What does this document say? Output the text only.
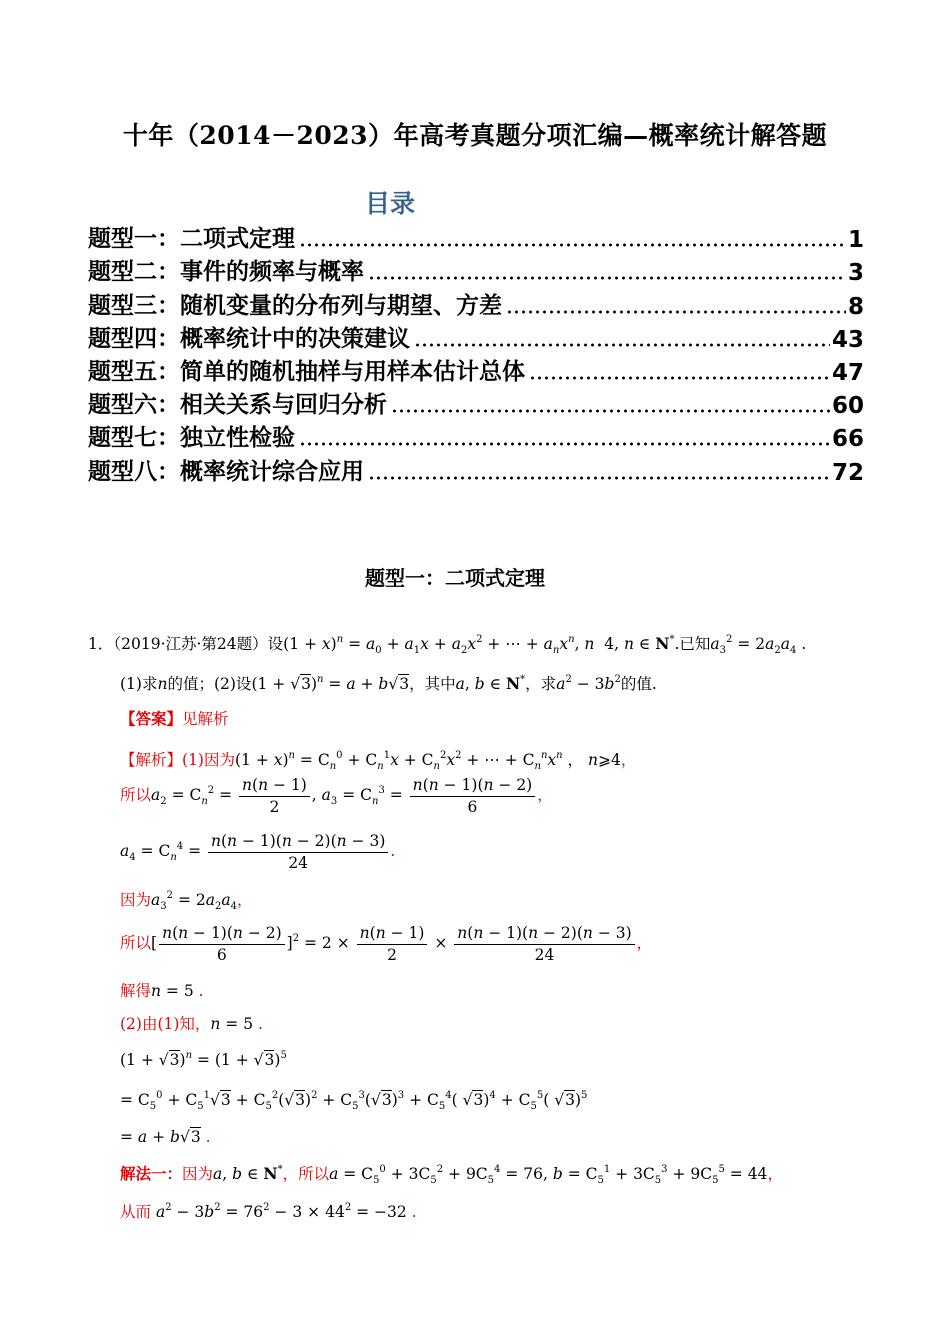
十年（2014－2023）年高考真题分项汇编—概率统计解答题
目录
题型一：二项式定理	1
题型二：事件的频率与概率	3
题型三：随机变量的分布列与期望、方差	8
题型四：概率统计中的决策建议	43
题型五：简单的随机抽样与用样本估计总体	47
题型六：相关关系与回归分析	60
题型七：独立性检验	66
题型八：概率统计综合应用	72
题型一：二项式定理
1．（2019·江苏·第24题）设$(1 + x)^n = a_0 + a_1x + a_2x^2$ + ⋯ + $a_nx^n$, n  4, n ∈ N*.已知$a_3^2 = 2a_2a_4$ .
(1)求n的值；(2)设$(1 + √3)^n = a + b√3$，其中a, b ∈ N*，求$a^2 - 3b^2$的值.
【答案】见解析
【解析】(1)因为$(1 + x)^n = C_n^0 + C_n^1x + C_n^2x^2$ + ⋯ + $C_n^nx^n$ ， n⩾4，
所以$a_2 = C_n^2 = \frac{n(n - 1)}{2}$ , $a_3 = C_n^3 = \frac{n(n - 1)(n - 2)}{6}$ ，
$a_4 = C_n^4 = \frac{n(n - 1)(n - 2)(n - 3)}{24}$ .
因为$a_3^2 = 2a_2a_4$，
所以[ $\frac{n(n - 1)(n - 2)}{6} ]^2 = 2 \times \frac{n(n - 1)}{2} \times \frac{n(n - 1)(n - 2)(n - 3)}{24}$ ，
解得n = 5 .
(2)由(1)知，n = 5 .
$(1 + √3)^n = (1 + √3)^5$
= $C_5^0 + C_5^1√3 + C_5^2(√3)^2 + C_5^3(√3)^3 + C_5^4$( $√3)^4 + C_5^5$( √3)$^5$
= a + b√3 .
解法一：因为a, b ∈ N*，所以$a = C_5^0 + 3C_5^2 + 9C_5^4 = 76$, $b = C_5^1 + 3C_5^3 + 9C_5^5 = 44$，
从而 $a^2 - 3b^2 = 76^2 - 3 \times 44^2 = -32$ .
